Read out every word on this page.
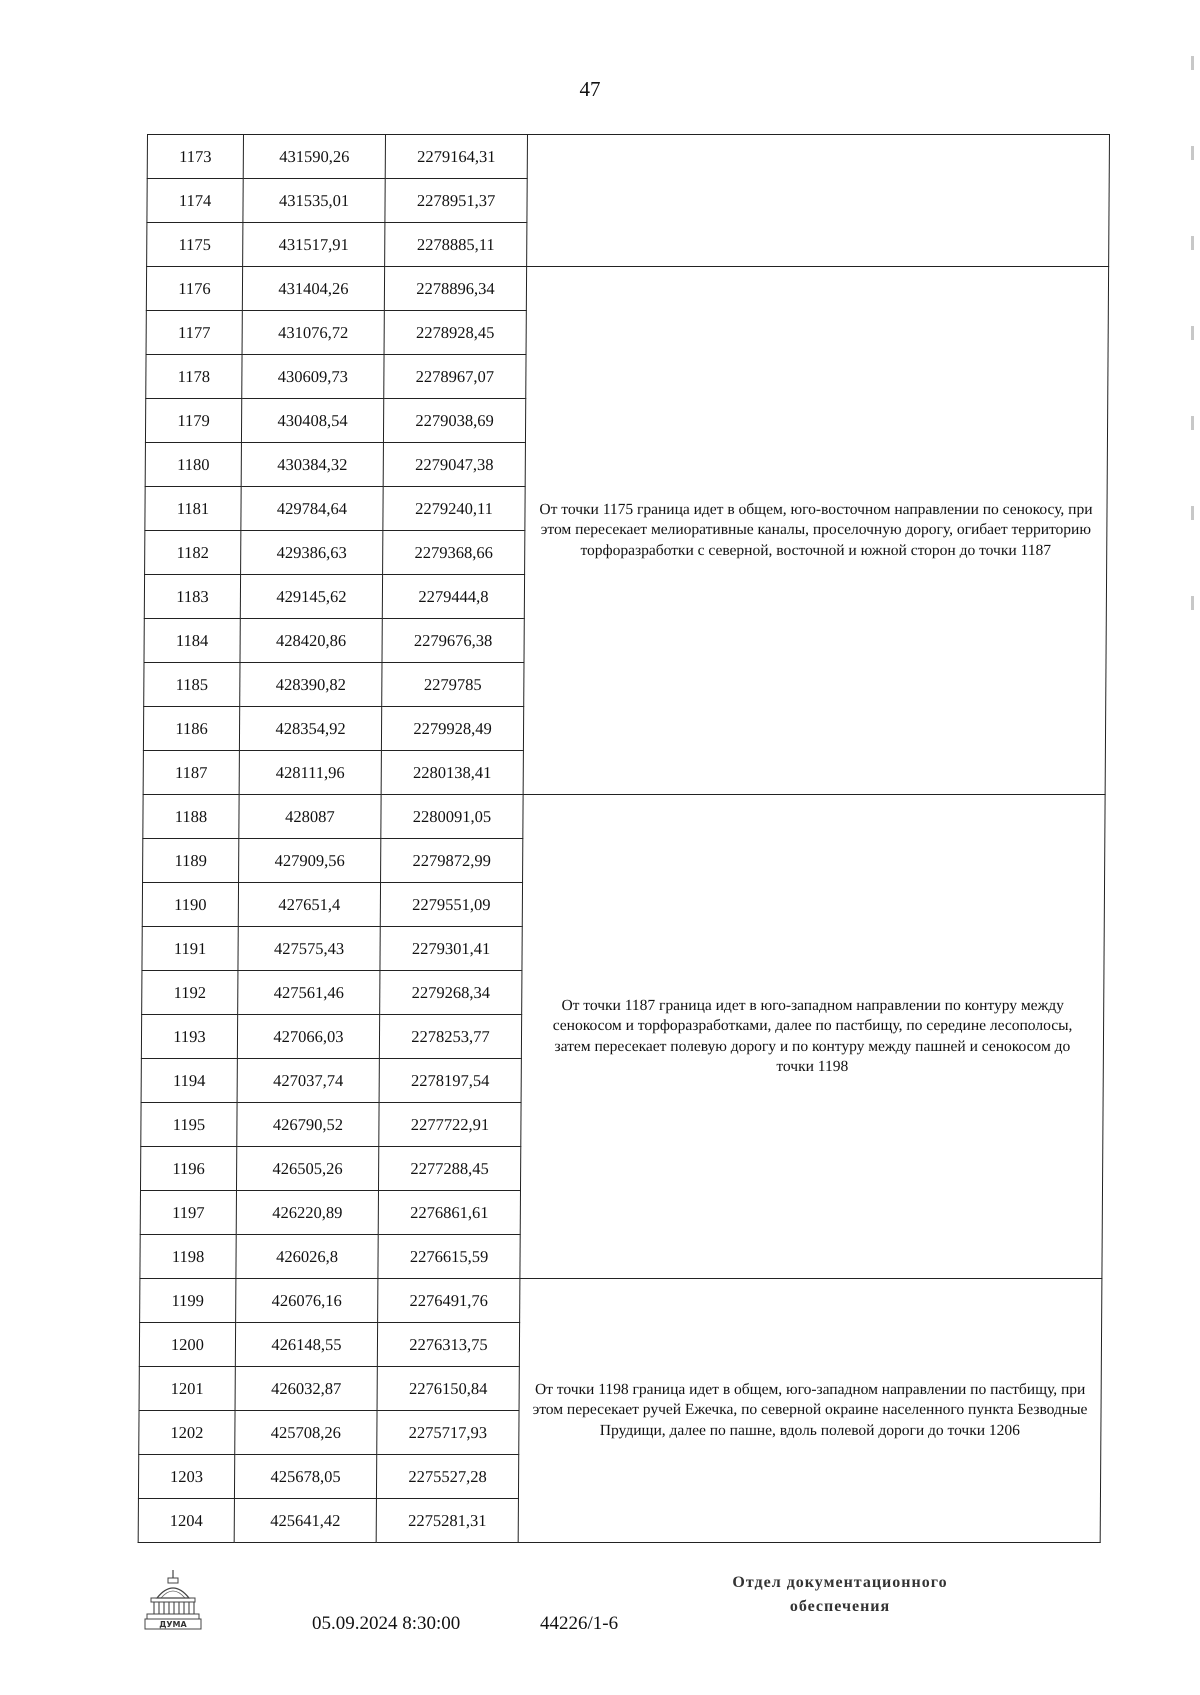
47
1173	431590,26	2279164,31	
1174	431535,01	2278951,37	
1175	431517,91	2278885,11	
1176	431404,26	2278896,34	От точки 1175 граница идет в общем, юго-восточном направлении по сенокосу, при этом пересекает мелиоративные каналы, проселочную дорогу, огибает территорию торфоразработки с северной, восточной и южной сторон до точки 1187
1177	431076,72	2278928,45	
1178	430609,73	2278967,07	
1179	430408,54	2279038,69	
1180	430384,32	2279047,38	
1181	429784,64	2279240,11	
1182	429386,63	2279368,66	
1183	429145,62	2279444,8	
1184	428420,86	2279676,38	
1185	428390,82	2279785	
1186	428354,92	2279928,49	
1187	428111,96	2280138,41	
1188	428087	2280091,05	От точки 1187 граница идет в юго-западном направлении по контуру между сенокосом и торфоразработками, далее по пастбищу, по середине лесополосы, затем пересекает полевую дорогу и по контуру между пашней и сенокосом до точки 1198
1189	427909,56	2279872,99	
1190	427651,4	2279551,09	
1191	427575,43	2279301,41	
1192	427561,46	2279268,34	
1193	427066,03	2278253,77	
1194	427037,74	2278197,54	
1195	426790,52	2277722,91	
1196	426505,26	2277288,45	
1197	426220,89	2276861,61	
1198	426026,8	2276615,59	
1199	426076,16	2276491,76	От точки 1198 граница идет в общем, юго-западном направлении по пастбищу, при этом пересекает ручей Ежечка, по северной окраине населенного пункта Безводные Прудищи, далее по пашне, вдоль полевой дороги до точки 1206
1200	426148,55	2276313,75	
1201	426032,87	2276150,84	
1202	425708,26	2275717,93	
1203	425678,05	2275527,28	
1204	425641,42	2275281,31	
ДУМА	05.09.2024 8:30:00	44226/1-6
Отдел документационного
обеспечения
